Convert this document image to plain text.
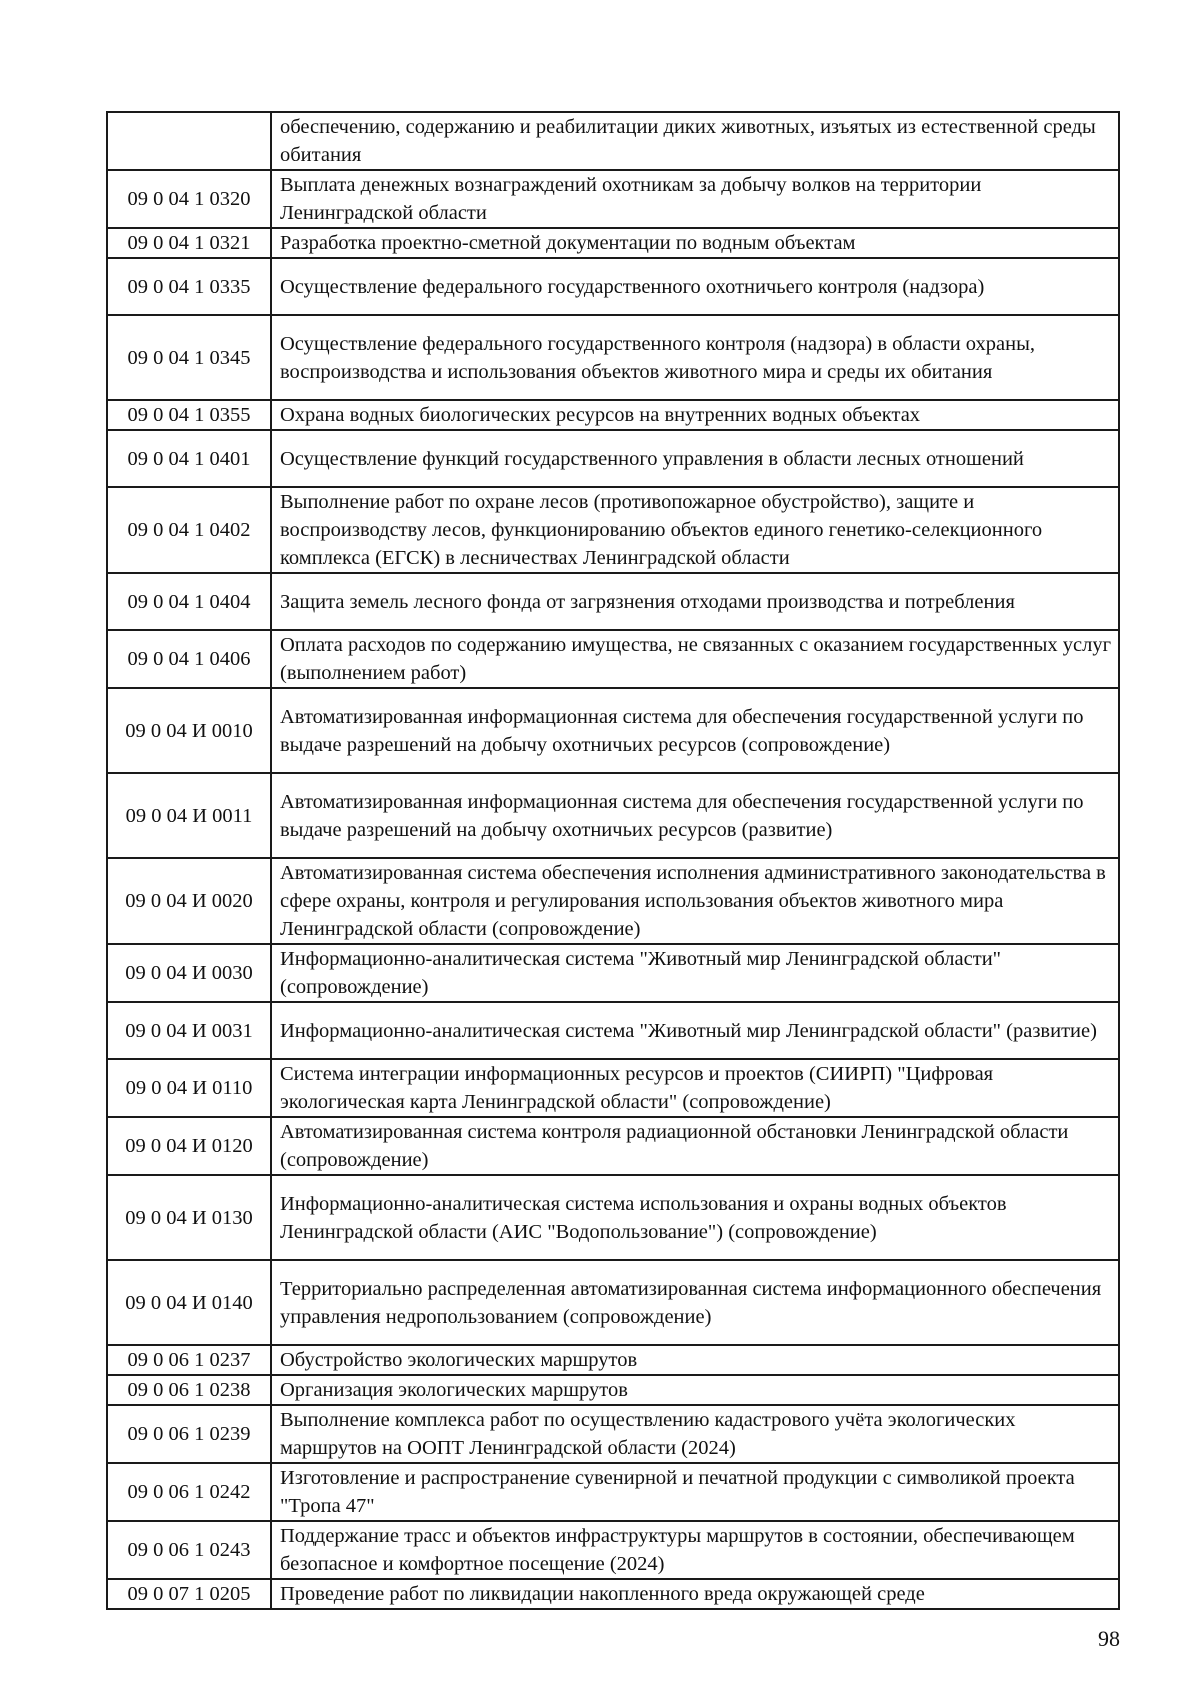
	обеспечению, содержанию и реабилитации диких животных, изъятых из естественной среды обитания
09 0 04 1 0320	Выплата денежных вознаграждений охотникам за добычу волков на территории Ленинградской области
09 0 04 1 0321	Разработка проектно-сметной документации по водным объектам
09 0 04 1 0335	Осуществление федерального государственного охотничьего контроля (надзора)
09 0 04 1 0345	Осуществление федерального государственного контроля (надзора) в области охраны, воспроизводства и использования объектов животного мира и среды их обитания
09 0 04 1 0355	Охрана водных биологических ресурсов на внутренних водных объектах
09 0 04 1 0401	Осуществление функций государственного управления в области лесных отношений
09 0 04 1 0402	Выполнение работ по охране лесов (противопожарное обустройство), защите и воспроизводству лесов, функционированию объектов единого генетико-селекционного комплекса (ЕГСК) в лесничествах Ленинградской области
09 0 04 1 0404	Защита земель лесного фонда от загрязнения отходами производства и потребления
09 0 04 1 0406	Оплата расходов по содержанию имущества, не связанных с оказанием государственных услуг (выполнением работ)
09 0 04 И 0010	Автоматизированная информационная система для обеспечения государственной услуги по выдаче разрешений на добычу охотничьих ресурсов (сопровождение)
09 0 04 И 0011	Автоматизированная информационная система для обеспечения государственной услуги по выдаче разрешений на добычу охотничьих ресурсов (развитие)
09 0 04 И 0020	Автоматизированная система обеспечения исполнения административного законодательства в сфере охраны, контроля и регулирования использования объектов животного мира Ленинградской области (сопровождение)
09 0 04 И 0030	Информационно-аналитическая система "Животный мир Ленинградской области" (сопровождение)
09 0 04 И 0031	Информационно-аналитическая система "Животный мир Ленинградской области" (развитие)
09 0 04 И 0110	Система интеграции информационных ресурсов и проектов (СИИРП) "Цифровая экологическая карта Ленинградской области" (сопровождение)
09 0 04 И 0120	Автоматизированная система контроля радиационной обстановки Ленинградской области (сопровождение)
09 0 04 И 0130	Информационно-аналитическая система использования и охраны водных объектов Ленинградской области (АИС "Водопользование") (сопровождение)
09 0 04 И 0140	Территориально распределенная автоматизированная система информационного обеспечения управления недропользованием (сопровождение)
09 0 06 1 0237	Обустройство экологических маршрутов
09 0 06 1 0238	Организация экологических маршрутов
09 0 06 1 0239	Выполнение комплекса работ по осуществлению кадастрового учёта экологических маршрутов на ООПТ Ленинградской области (2024)
09 0 06 1 0242	Изготовление и распространение сувенирной и печатной продукции с символикой проекта "Тропа 47"
09 0 06 1 0243	Поддержание трасс и объектов инфраструктуры маршрутов в состоянии, обеспечивающем безопасное и комфортное посещение (2024)
09 0 07 1 0205	Проведение работ по ликвидации накопленного вреда окружающей среде
98
